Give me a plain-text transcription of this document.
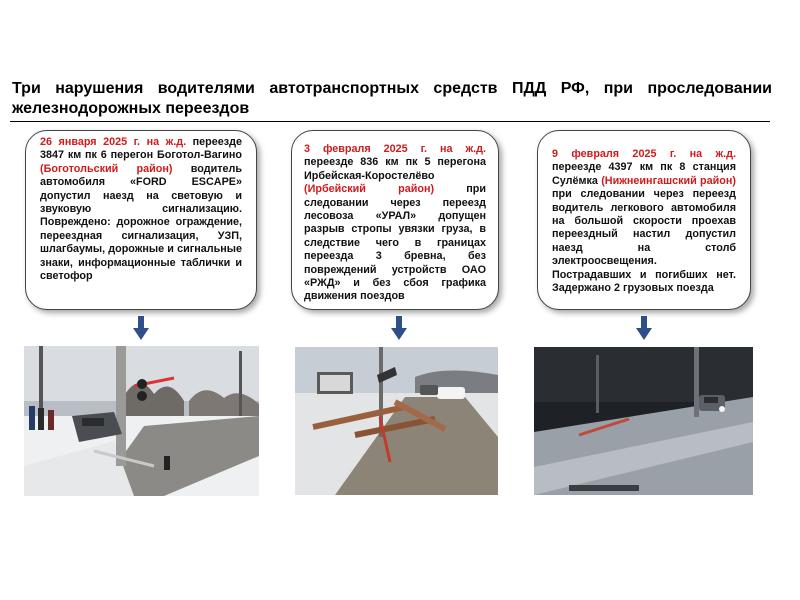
Три нарушения водителями автотранспортных средств ПДД РФ, при проследовании железнодорожных переездов
26 января 2025 г. на ж.д. переезде 3847 км пк 6 перегон Боготол-Вагино (Боготольский район) водитель автомобиля «FORD ESCAPE» допустил наезд на световую и звуковую сигнализацию. Повреждено: дорожное ограждение, переездная сигнализация, УЗП, шлагбаумы, дорожные и сигнальные знаки, информационные таблички и светофор
3 февраля 2025 г. на ж.д. переезде 836 км пк 5 перегона Ирбейская-Коростелёво (Ирбейский район) при следовании через переезд лесовоза «УРАЛ» допущен разрыв стропы увязки груза, в следствие чего в границах переезда 3 бревна, без повреждений устройств ОАО «РЖД» и без сбоя графика движения поездов
9 февраля 2025 г. на ж.д. переезде 4397 км пк 8 станция Сулёмка (Нижнеингашский район) при следовании через переезд водитель легкового автомобиля на большой скорости проехав переездный настил допустил наезд на столб электроосвещения. Пострадавших и погибших нет. Задержано 2 грузовых поезда
